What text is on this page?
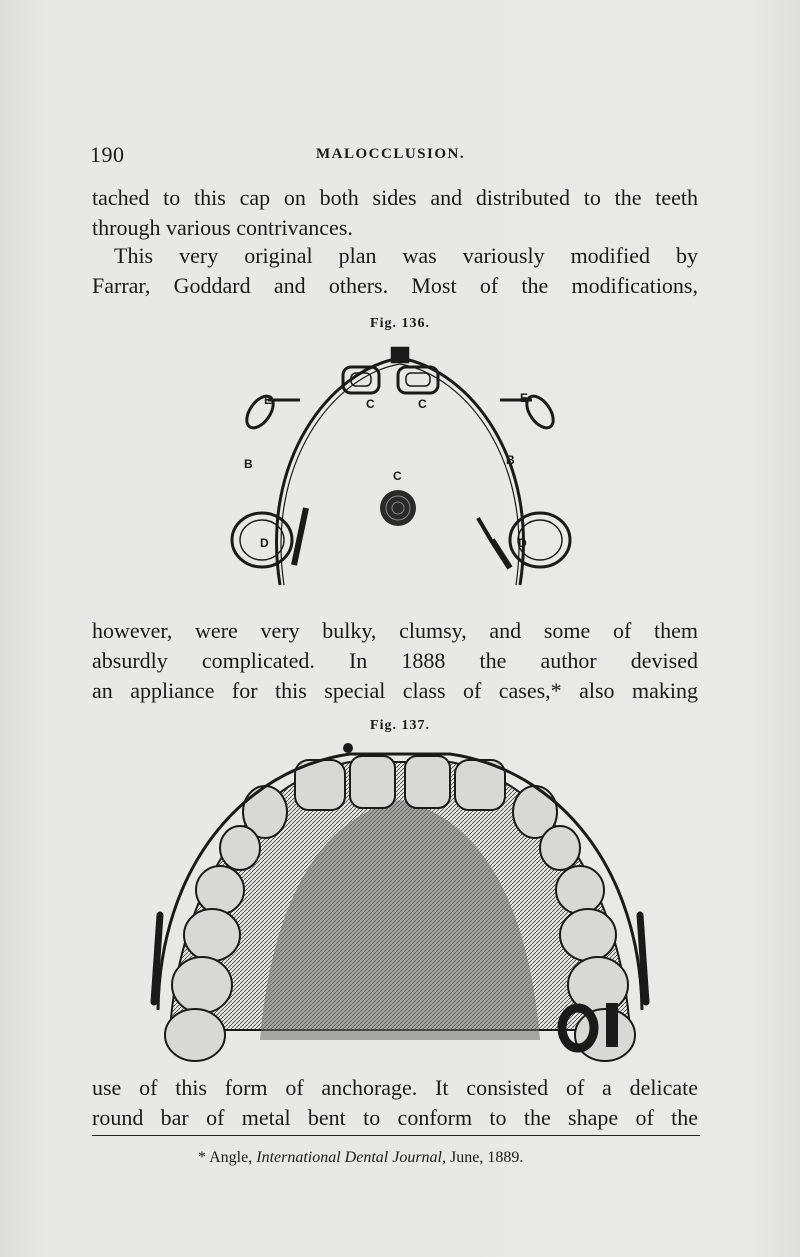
190	MALOCCLUSION.
tached to this cap on both sides and distributed to the teeth
through various contrivances.
This very original plan was variously modified by
Farrar, Goddard and others. Most of the modifications,
Fig. 136.
C	C
C
E	E
B	B
D	D
however, were very bulky, clumsy, and some of them
absurdly complicated. In 1888 the author devised
an appliance for this special class of cases,* also making
Fig. 137.
use of this form of anchorage. It consisted of a delicate
round bar of metal bent to conform to the shape of the
* Angle, International Dental Journal, June, 1889.
